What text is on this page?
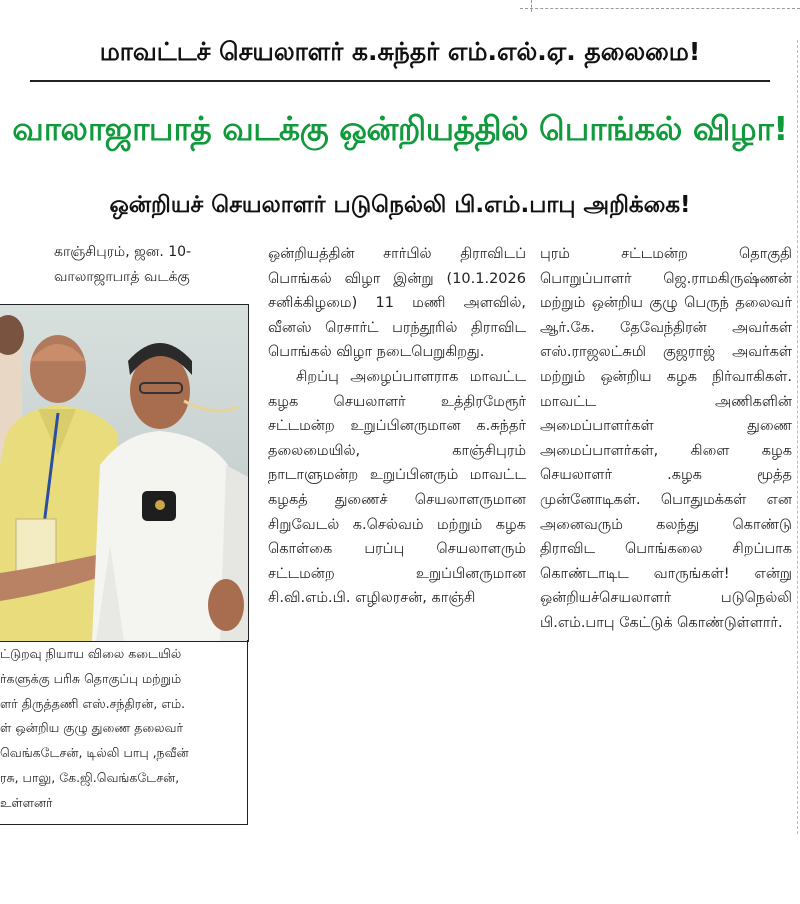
மாவட்டச் செயலாளர் க.சுந்தர் எம்.எல்.ஏ. தலைமை!
வாலாஜாபாத் வடக்கு ஒன்றியத்தில் பொங்கல் விழா!
ஒன்றியச் செயலாளர் படுநெல்லி பி.எம்.பாபு அறிக்கை!

காஞ்சிபுரம், ஜன. 10-

வாலாஜாபாத் வடக்கு

ட்டுறவு நியாய விலை கடையில்
ர்களுக்கு பரிசு தொகுப்பு மற்றும்
ளர் திருத்தணி எஸ்.சந்திரன், எம்.
ள் ஒன்றிய குழு துணை தலைவர்
வெங்கடேசன், டில்லி பாபு ,நவீன்
ரசு, பாலு, கே.ஜி.வெங்கடேசன்,
உள்ளனர்

ஒன்றியத்தின் சார்பில் திராவிடப் பொங்கல் விழா இன்று (10.1.2026 சனிக்கிழமை) 11 மணி அளவில், வீனஸ் ரெசார்ட் பரந்தூரில் திராவிட பொங்கல் விழா நடைபெறுகிறது.

சிறப்பு அழைப்பாளராக மாவட்ட கழக செயலாளர் உத்திரமேரூர் சட்டமன்ற உறுப்பினருமான க.சுந்தர் தலைமையில், காஞ்சிபுரம் நாடாளுமன்ற உறுப்பினரும் மாவட்ட கழகத் துணைச் செயலாளருமான சிறுவேடல் க.செல்வம் மற்றும் கழக கொள்கை பரப்பு செயலாளரும் சட்டமன்ற உறுப்பினருமான சி.வி.எம்.பி. எழிலரசன், காஞ்சி

புரம் சட்டமன்ற தொகுதி பொறுப்பாளர் ஜெ.ராமகிருஷ்ணன் மற்றும் ஒன்றிய குழு பெருந் தலைவர் ஆர்.கே. தேவேந்திரன் அவர்கள் எஸ்.ராஜலட்சுமி குஜராஜ் அவர்கள் மற்றும் ஒன்றிய கழக நிர்வாகிகள். மாவட்ட அணிகளின் அமைப்பாளர்கள் துணை அமைப்பாளர்கள், கிளை கழக செயலாளர் .கழக மூத்த முன்னோடிகள். பொதுமக்கள் என அனைவரும் கலந்து கொண்டு திராவிட பொங்கலை சிறப்பாக கொண்டாடிட வாருங்கள்! என்று ஒன்றியச்செயலாளர் படுநெல்லி பி.எம்.பாபு கேட்டுக் கொண்டுள்ளார்.
